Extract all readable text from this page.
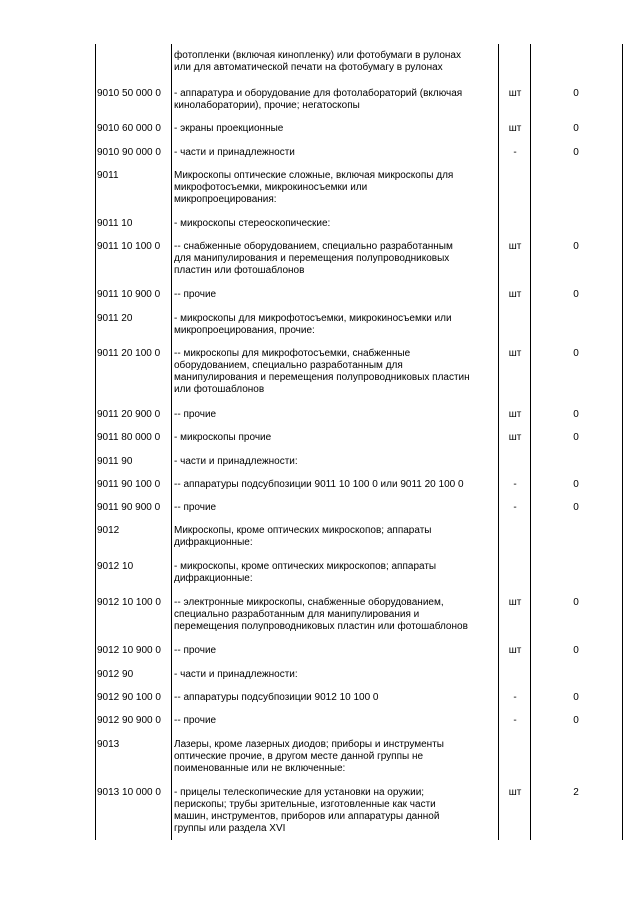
фотопленки (включая кинопленку) или фотобумаги в рулонах
или для автоматической печати на фотобумагу в рулонах
9010 50 000 0	- аппаратура и оборудование для фотолабораторий (включая
кинолаборатории), прочие; негатоскопы
шт	0
9010 60 000 0	- экраны проекционные	шт	0
9010 90 000 0	- части и принадлежности	-	0
9011	Микроскопы оптические сложные, включая микроскопы для
микрофотосъемки, микрокиносъемки или
микропроецирования:
9011 10	- микроскопы стереоскопические:
9011 10 100 0	-- снабженные оборудованием, специально разработанным
для манипулирования и перемещения полупроводниковых
пластин или фотошаблонов
шт	0
9011 10 900 0	-- прочие	шт	0
9011 20	- микроскопы для микрофотосъемки, микрокиносъемки или
микропроецирования, прочие:
9011 20 100 0	-- микроскопы для микрофотосъемки, снабженные
оборудованием, специально разработанным для
манипулирования и перемещения полупроводниковых пластин
или фотошаблонов
шт	0
9011 20 900 0	-- прочие	шт	0
9011 80 000 0	- микроскопы прочие	шт	0
9011 90	- части и принадлежности:
9011 90 100 0	-- аппаратуры подсубпозиции 9011 10 100 0 или 9011 20 100 0	-	0
9011 90 900 0	-- прочие	-	0
9012	Микроскопы, кроме оптических микроскопов; аппараты
дифракционные:
9012 10	- микроскопы, кроме оптических микроскопов; аппараты
дифракционные:
9012 10 100 0	-- электронные микроскопы, снабженные оборудованием,
специально разработанным для манипулирования и
перемещения полупроводниковых пластин или фотошаблонов
шт	0
9012 10 900 0	-- прочие	шт	0
9012 90	- части и принадлежности:
9012 90 100 0	-- аппаратуры подсубпозиции 9012 10 100 0	-	0
9012 90 900 0	-- прочие	-	0
9013	Лазеры, кроме лазерных диодов; приборы и инструменты
оптические прочие, в другом месте данной группы не
поименованные или не включенные:
9013 10 000 0	- прицелы телескопические для установки на оружии;
перископы; трубы зрительные, изготовленные как части
машин, инструментов, приборов или аппаратуры данной
группы или раздела XVI
шт	2
